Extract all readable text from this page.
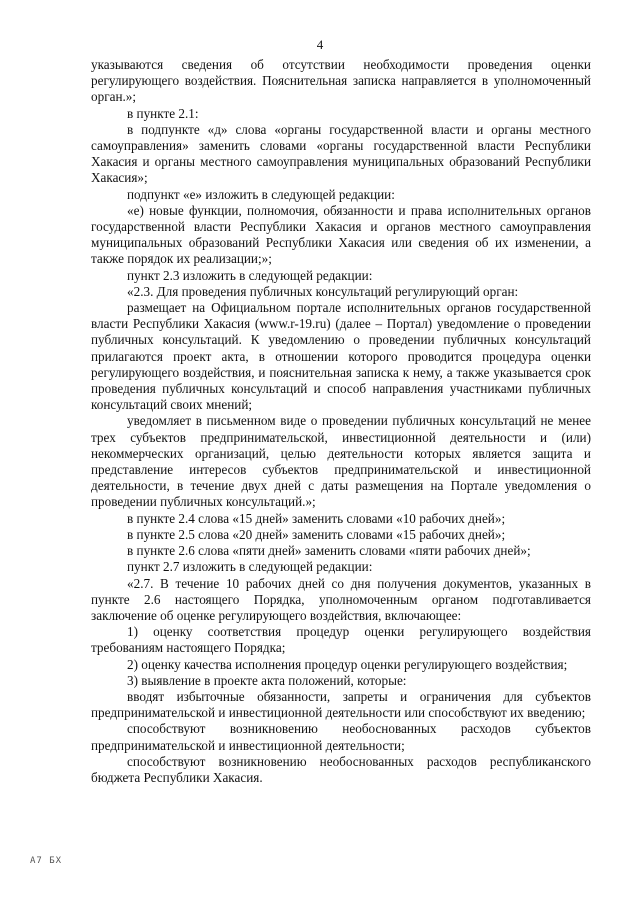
4

указываются сведения об отсутствии необходимости проведения оценки регулирующего воздействия. Пояснительная записка направляется в уполномоченный орган.»;

в пункте 2.1:

в подпункте «д» слова «органы государственной власти и органы местного самоуправления» заменить словами «органы государственной власти Республики Хакасия и органы местного самоуправления муниципальных образований Республики Хакасия»;

подпункт «е» изложить в следующей редакции:

«е) новые функции, полномочия, обязанности и права исполнительных органов государственной власти Республики Хакасия и органов местного самоуправления муниципальных образований Республики Хакасия или сведения об их изменении, а также порядок их реализации;»;

пункт 2.3 изложить в следующей редакции:

«2.3. Для проведения публичных консультаций регулирующий орган:

размещает на Официальном портале исполнительных органов государственной власти Республики Хакасия (www.r-19.ru) (далее – Портал) уведомление о проведении публичных консультаций. К уведомлению о проведении публичных консультаций прилагаются проект акта, в отношении которого проводится процедура оценки регулирующего воздействия, и пояснительная записка к нему, а также указывается срок проведения публичных консультаций и способ направления участниками публичных консультаций своих мнений;

уведомляет в письменном виде о проведении публичных консультаций не менее трех субъектов предпринимательской, инвестиционной деятельности и (или) некоммерческих организаций, целью деятельности которых является защита и представление интересов субъектов предпринимательской и инвестиционной деятельности, в течение двух дней с даты размещения на Портале уведомления о проведении публичных консультаций.»;

в пункте 2.4 слова «15 дней» заменить словами «10 рабочих дней»;

в пункте 2.5 слова «20 дней» заменить словами «15 рабочих дней»;

в пункте 2.6 слова «пяти дней» заменить словами «пяти рабочих дней»;

пункт 2.7 изложить в следующей редакции:

«2.7. В течение 10 рабочих дней со дня получения документов, указанных в пункте 2.6 настоящего Порядка, уполномоченным органом подготавливается заключение об оценке регулирующего воздействия, включающее:

1) оценку соответствия процедур оценки регулирующего воздействия требованиям настоящего Порядка;

2) оценку качества исполнения процедур оценки регулирующего воздействия;

3) выявление в проекте акта положений, которые:

вводят избыточные обязанности, запреты и ограничения для субъектов предпринимательской и инвестиционной деятельности или способствуют их введению;

способствуют возникновению необоснованных расходов субъектов предпринимательской и инвестиционной деятельности;

способствуют возникновению необоснованных расходов республиканского бюджета Республики Хакасия.

А7 БХ
